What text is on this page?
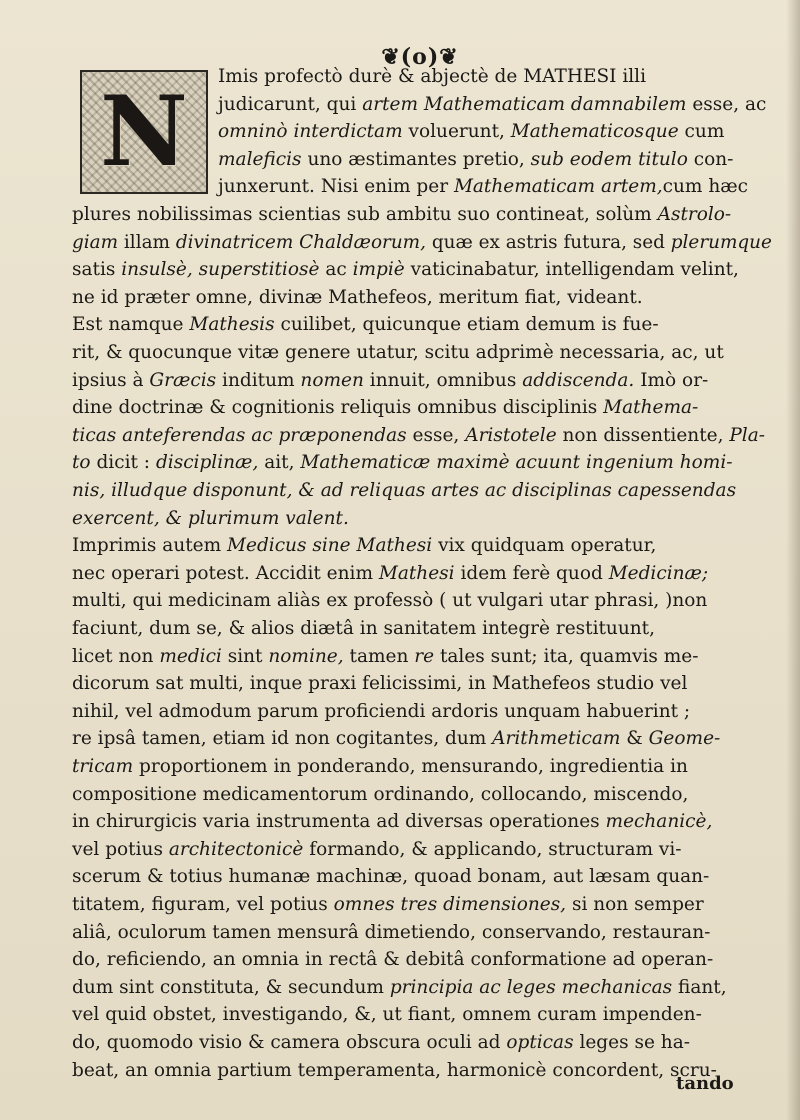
❦(o)❦
N Imis profectò durè & abjectè de MATHESI illi
judicarunt, qui artem Mathematicam damnabilem esse, ac
omninò interdictam voluerunt, Mathematicosque cum
maleficis uno æstimantes pretio, sub eodem titulo con-
junxerunt. Nisi enim per Mathematicam artem,cum hæc
plures nobilissimas scientias sub ambitu suo contineat, solùm Astrolo-
giam illam divinatricem Chaldæorum, quæ ex astris futura, sed plerumque
satis insulsè, superstitiosè ac impiè vaticinabatur, intelligendam velint,
ne id præter omne, divinæ Mathefeos, meritum fiat, videant.
Est namque Mathesis cuilibet, quicunque etiam demum is fue-
rit, & quocunque vitæ genere utatur, scitu adprimè necessaria, ac, ut
ipsius à Græcis inditum nomen innuit, omnibus addiscenda. Imò or-
dine doctrinæ & cognitionis reliquis omnibus disciplinis Mathema-
ticas anteferendas ac præponendas esse, Aristotele non dissentiente, Pla-
to dicit : disciplinæ, ait, Mathematicæ maximè acuunt ingenium homi-
nis, illudque disponunt, & ad reliquas artes ac disciplinas capessendas
exercent, & plurimum valent.
Imprimis autem Medicus sine Mathesi vix quidquam operatur,
nec operari potest. Accidit enim Mathesi idem ferè quod Medicinæ;
multi, qui medicinam aliàs ex professò ( ut vulgari utar phrasi, )non
faciunt, dum se, & alios diætâ in sanitatem integrè restituunt,
licet non medici sint nomine, tamen re tales sunt; ita, quamvis me-
dicorum sat multi, inque praxi felicissimi, in Mathefeos studio vel
nihil, vel admodum parum proficiendi ardoris unquam habuerint ;
re ipsâ tamen, etiam id non cogitantes, dum Arithmeticam & Geome-
tricam proportionem in ponderando, mensurando, ingredientia in
compositione medicamentorum ordinando, collocando, miscendo,
in chirurgicis varia instrumenta ad diversas operationes mechanicè,
vel potius architectonicè formando, & applicando, structuram vi-
scerum & totius humanæ machinæ, quoad bonam, aut læsam quan-
titatem, figuram, vel potius omnes tres dimensiones, si non semper
aliâ, oculorum tamen mensurâ dimetiendo, conservando, restauran-
do, reficiendo, an omnia in rectâ & debitâ conformatione ad operan-
dum sint constituta, & secundum principia ac leges mechanicas fiant,
vel quid obstet, investigando, &, ut fiant, omnem curam impenden-
do, quomodo visio & camera obscura oculi ad opticas leges se ha-
beat, an omnia partium temperamenta, harmonicè concordent, scru-
tando
